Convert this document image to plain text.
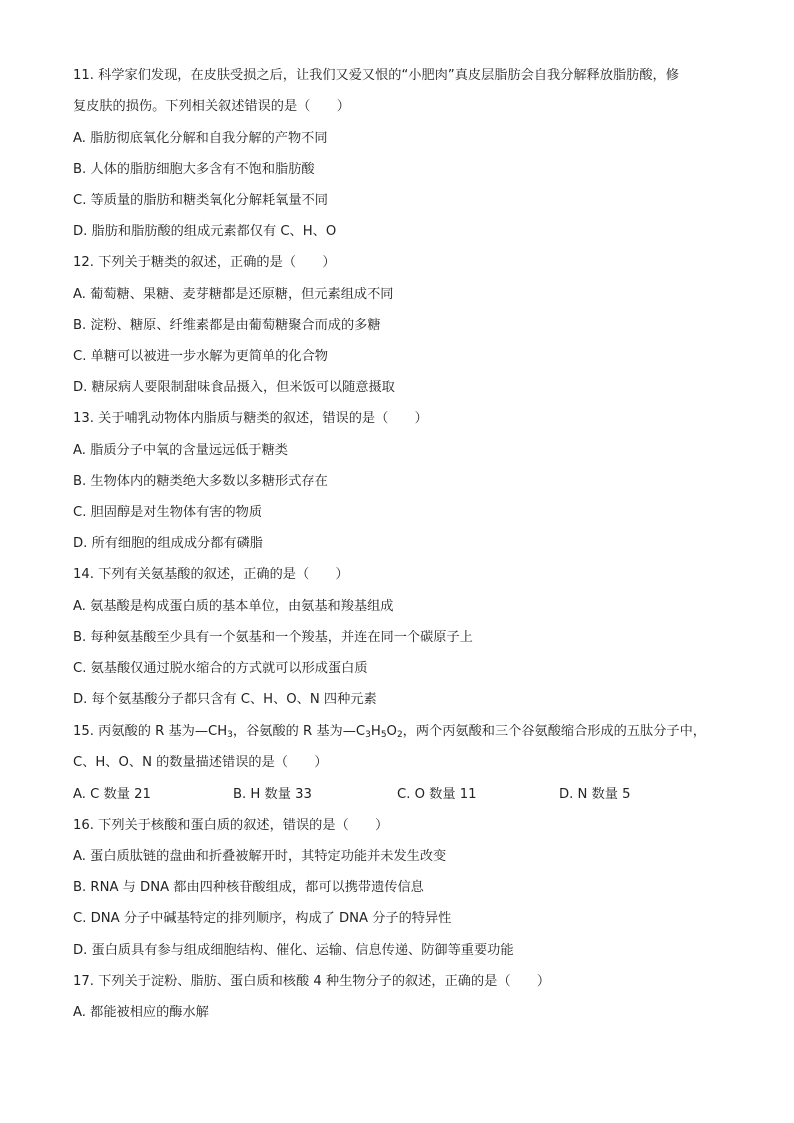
11. 科学家们发现，在皮肤受损之后，让我们又爱又恨的“小肥肉”真皮层脂肪会自我分解释放脂肪酸，修
复皮肤的损伤。下列相关叙述错误的是（　　）
A. 脂肪彻底氧化分解和自我分解的产物不同
B. 人体的脂肪细胞大多含有不饱和脂肪酸
C. 等质量的脂肪和糖类氧化分解耗氧量不同
D. 脂肪和脂肪酸的组成元素都仅有 C、H、O
12. 下列关于糖类的叙述，正确的是（　　）
A. 葡萄糖、果糖、麦芽糖都是还原糖，但元素组成不同
B. 淀粉、糖原、纤维素都是由葡萄糖聚合而成的多糖
C. 单糖可以被进一步水解为更简单的化合物
D. 糖尿病人要限制甜味食品摄入，但米饭可以随意摄取
13. 关于哺乳动物体内脂质与糖类的叙述，错误的是（　　）
A. 脂质分子中氧的含量远远低于糖类
B. 生物体内的糖类绝大多数以多糖形式存在
C. 胆固醇是对生物体有害的物质
D. 所有细胞的组成成分都有磷脂
14. 下列有关氨基酸的叙述，正确的是（　　）
A. 氨基酸是构成蛋白质的基本单位，由氨基和羧基组成
B. 每种氨基酸至少具有一个氨基和一个羧基，并连在同一个碳原子上
C. 氨基酸仅通过脱水缩合的方式就可以形成蛋白质
D. 每个氨基酸分子都只含有 C、H、O、N 四种元素
15. 丙氨酸的 R 基为$—CH_3$，谷氨酸的 R 基为$—C_3H_5O_2$，两个丙氨酸和三个谷氨酸缩合形成的五肽分子中，
C、H、O、N 的数量描述错误的是（　　）
A. C 数量 21	B. H 数量 33	C. O 数量 11	D. N 数量 5
16. 下列关于核酸和蛋白质的叙述，错误的是（　　）
A. 蛋白质肽链的盘曲和折叠被解开时，其特定功能并未发生改变
B. RNA 与 DNA 都由四种核苷酸组成，都可以携带遗传信息
C. DNA 分子中碱基特定的排列顺序，构成了 DNA 分子的特异性
D. 蛋白质具有参与组成细胞结构、催化、运输、信息传递、防御等重要功能
17. 下列关于淀粉、脂肪、蛋白质和核酸 4 种生物分子的叙述，正确的是（　　）
A. 都能被相应的酶水解
